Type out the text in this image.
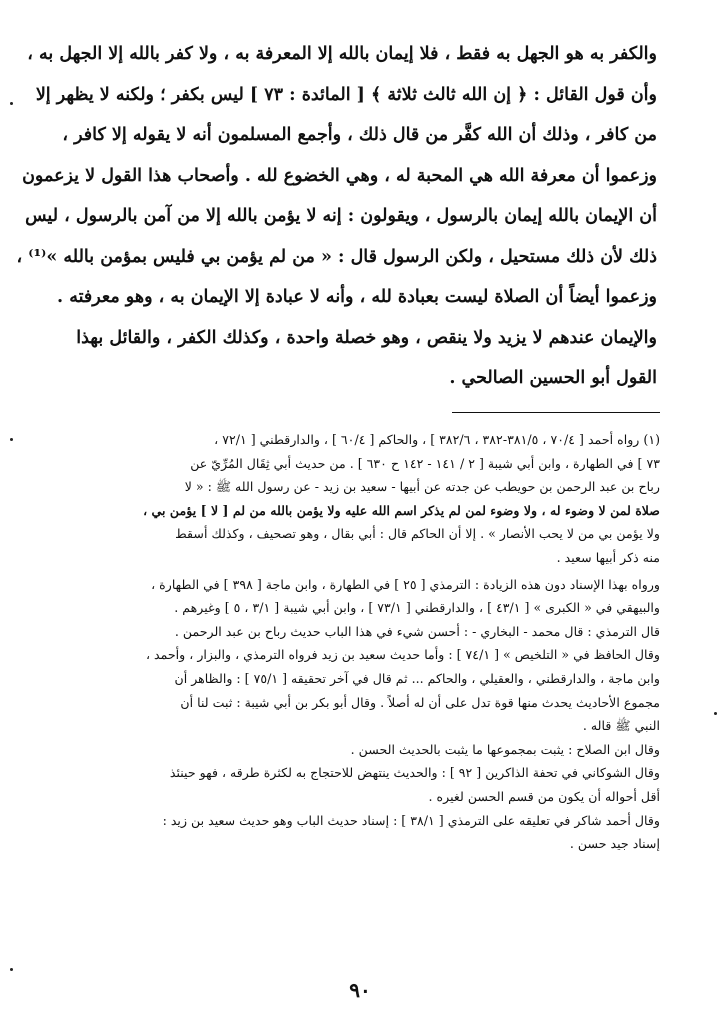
والكفر به هو الجهل به فقط ، فلا إيمان بالله إلا المعرفة به ، ولا كفر بالله إلا الجهل به ،
وأن قول القائل : ﴿ إن الله ثالث ثلاثة ﴾ [ المائدة : ٧٣ ] ليس بكفر ؛ ولكنه لا يظهر إلا
من كافر ، وذلك أن الله كفَّر من قال ذلك ، وأجمع المسلمون أنه لا يقوله إلا كافر ،
وزعموا أن معرفة الله هي المحبة له ، وهي الخضوع لله . وأصحاب هذا القول لا يزعمون
أن الإيمان بالله إيمان بالرسول ، ويقولون : إنه لا يؤمن بالله إلا من آمن بالرسول ، ليس
ذلك لأن ذلك مستحيل ، ولكن الرسول قال : « من لم يؤمن بي فليس بمؤمن بالله »⁽¹⁾ ،
وزعموا أيضاً أن الصلاة ليست بعبادة لله ، وأنه لا عبادة إلا الإيمان به ، وهو معرفته .
والإيمان عندهم لا يزيد ولا ينقص ، وهو خصلة واحدة ، وكذلك الكفر ، والقائل بهذا
القول أبو الحسين الصالحي .
(١) رواه أحمد [ ٧٠/٤ ، ٣٨١/٥-٣٨٢ ، ٣٨٢/٦ ] ، والحاكم [ ٦٠/٤ ] ، والدارقطني [ ٧٢/١ ،
٧٣ ] في الطهارة ، وابن أبي شيبة [ ٢ / ١٤١ - ١٤٢ ح ٦٣٠ ] . من حديث أبي ثِقَال المُرِّيّ عن
رباح بن عبد الرحمن بن حويطب عن جدته عن أبيها - سعيد بن زيد - عن رسول الله ﷺ : « لا
صلاة لمن لا وضوء له ، ولا وضوء لمن لم يذكر اسم الله عليه ولا يؤمن بالله من لم [ لا ] يؤمن بي ،
ولا يؤمن بي من لا يحب الأنصار » . إلا أن الحاكم قال : أبي بقال ، وهو تصحيف ، وكذلك أسقط
منه ذكر أبيها سعيد .
ورواه بهذا الإسناد دون هذه الزيادة : الترمذي [ ٢٥ ] في الطهارة ، وابن ماجة [ ٣٩٨ ] في الطهارة ،
والبيهقي في « الكبرى » [ ٤٣/١ ] ، والدارقطني [ ٧٣/١ ] ، وابن أبي شيبة [ ٣/١ ، ٥ ] وغيرهم .
قال الترمذي : قال محمد - البخاري - : أحسن شيء في هذا الباب حديث رباح بن عبد الرحمن .
وقال الحافظ في « التلخيص » [ ٧٤/١ ] : وأما حديث سعيد بن زيد فرواه الترمذي ، والبزار ، وأحمد ،
وابن ماجة ، والدارقطني ، والعقيلي ، والحاكم ... ثم قال في آخر تحقيقه [ ٧٥/١ ] : والظاهر أن
مجموع الأحاديث يحدث منها قوة تدل على أن له أصلاً . وقال أبو بكر بن أبي شيبة : ثبت لنا أن
النبي ﷺ قاله .
وقال ابن الصلاح : يثبت بمجموعها ما يثبت بالحديث الحسن .
وقال الشوكاني في تحفة الذاكرين [ ٩٢ ] : والحديث ينتهض للاحتجاج به لكثرة طرقه ، فهو حينئذ
أقل أحواله أن يكون من قسم الحسن لغيره .
وقال أحمد شاكر في تعليقه على الترمذي [ ٣٨/١ ] : إسناد حديث الباب وهو حديث سعيد بن زيد :
إسناد جيد حسن .
٩٠
